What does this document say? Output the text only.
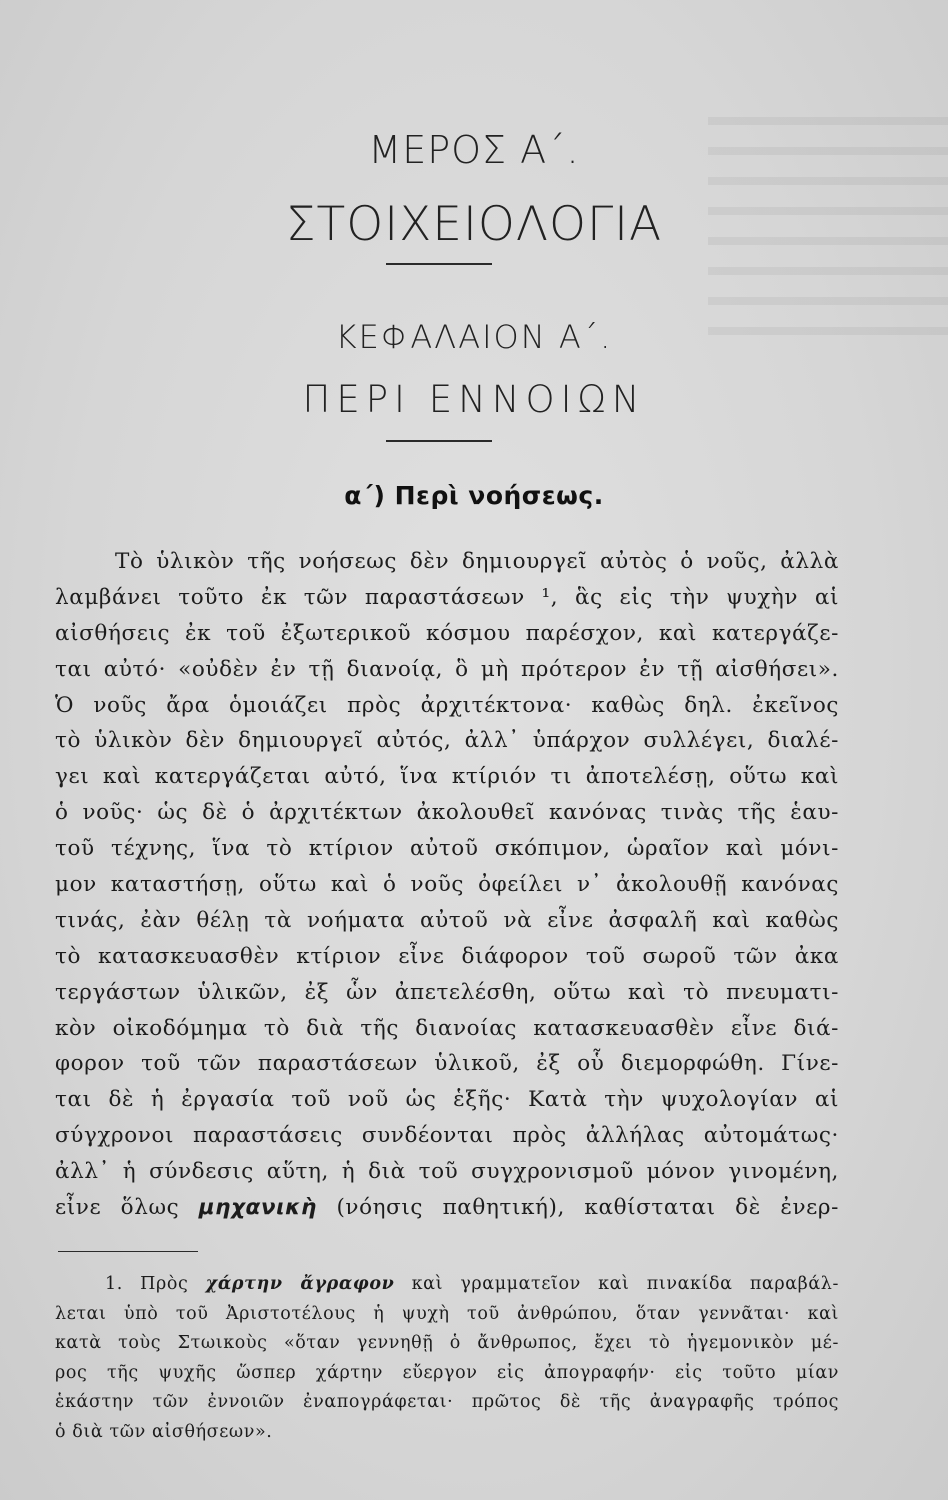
ΜΕΡΟΣ Α΄.
ΣΤΟΙΧΕΙΟΛΟΓΙΑ
ΚΕΦΑΛΑΙΟΝ Α΄.
ΠΕΡΙ ΕΝΝΟΙΩΝ
α΄) Περὶ νοήσεως.
Τὸ ὑλικὸν τῆς νοήσεως δὲν δημιουργεῖ αὐτὸς ὁ νοῦς, ἀλλὰ
λαμβάνει τοῦτο ἐκ τῶν παραστάσεων ¹, ἃς εἰς τὴν ψυχὴν αἱ
αἰσθήσεις ἐκ τοῦ ἐξωτερικοῦ κόσμου παρέσχον, καὶ κατεργάζε-
ται αὐτό· «οὐδὲν ἐν τῇ διανοίᾳ, ὃ μὴ πρότερον ἐν τῇ αἰσθήσει».
Ὁ νοῦς ἄρα ὁμοιάζει πρὸς ἀρχιτέκτονα· καθὼς δηλ. ἐκεῖνος
τὸ ὑλικὸν δὲν δημιουργεῖ αὐτός, ἀλλ᾽ ὑπάρχον συλλέγει, διαλέ-
γει καὶ κατεργάζεται αὐτό, ἵνα κτίριόν τι ἀποτελέσῃ, οὕτω καὶ
ὁ νοῦς· ὡς δὲ ὁ ἀρχιτέκτων ἀκολουθεῖ κανόνας τινὰς τῆς ἑαυ-
τοῦ τέχνης, ἵνα τὸ κτίριον αὐτοῦ σκόπιμον, ὡραῖον καὶ μόνι-
μον καταστήσῃ, οὕτω καὶ ὁ νοῦς ὀφείλει ν᾽ ἀκολουθῇ κανόνας
τινάς, ἐὰν θέλῃ τὰ νοήματα αὐτοῦ νὰ εἶνε ἀσφαλῆ καὶ καθὼς
τὸ κατασκευασθὲν κτίριον εἶνε διάφορον τοῦ σωροῦ τῶν ἀκα
τεργάστων ὑλικῶν, ἐξ ὧν ἀπετελέσθη, οὕτω καὶ τὸ πνευματι-
κὸν οἰκοδόμημα τὸ διὰ τῆς διανοίας κατασκευασθὲν εἶνε διά-
φορον τοῦ τῶν παραστάσεων ὑλικοῦ, ἐξ οὗ διεμορφώθη. Γίνε-
ται δὲ ἡ ἐργασία τοῦ νοῦ ὡς ἑξῆς· Κατὰ τὴν ψυχολογίαν αἱ
σύγχρονοι παραστάσεις συνδέονται πρὸς ἀλλήλας αὐτομάτως·
ἀλλ᾽ ἡ σύνδεσις αὕτη, ἡ διὰ τοῦ συγχρονισμοῦ μόνον γινομένη,
εἶνε ὅλως μηχανικὴ (νόησις παθητική), καθίσταται δὲ ἐνερ-
1. Πρὸς χάρτην ἄγραφον καὶ γραμματεῖον καὶ πινακίδα παραβάλ-
λεται ὑπὸ τοῦ Ἀριστοτέλους ἡ ψυχὴ τοῦ ἀνθρώπου, ὅταν γεννᾶται· καὶ
κατὰ τοὺς Στωικοὺς «ὅταν γεννηθῇ ὁ ἄνθρωπος, ἔχει τὸ ἡγεμονικὸν μέ-
ρος τῆς ψυχῆς ὥσπερ χάρτην εὔεργον εἰς ἀπογραφήν· εἰς τοῦτο μίαν
ἑκάστην τῶν ἐννοιῶν ἐναπογράφεται· πρῶτος δὲ τῆς ἀναγραφῆς τρόπος
ὁ διὰ τῶν αἰσθήσεων».
